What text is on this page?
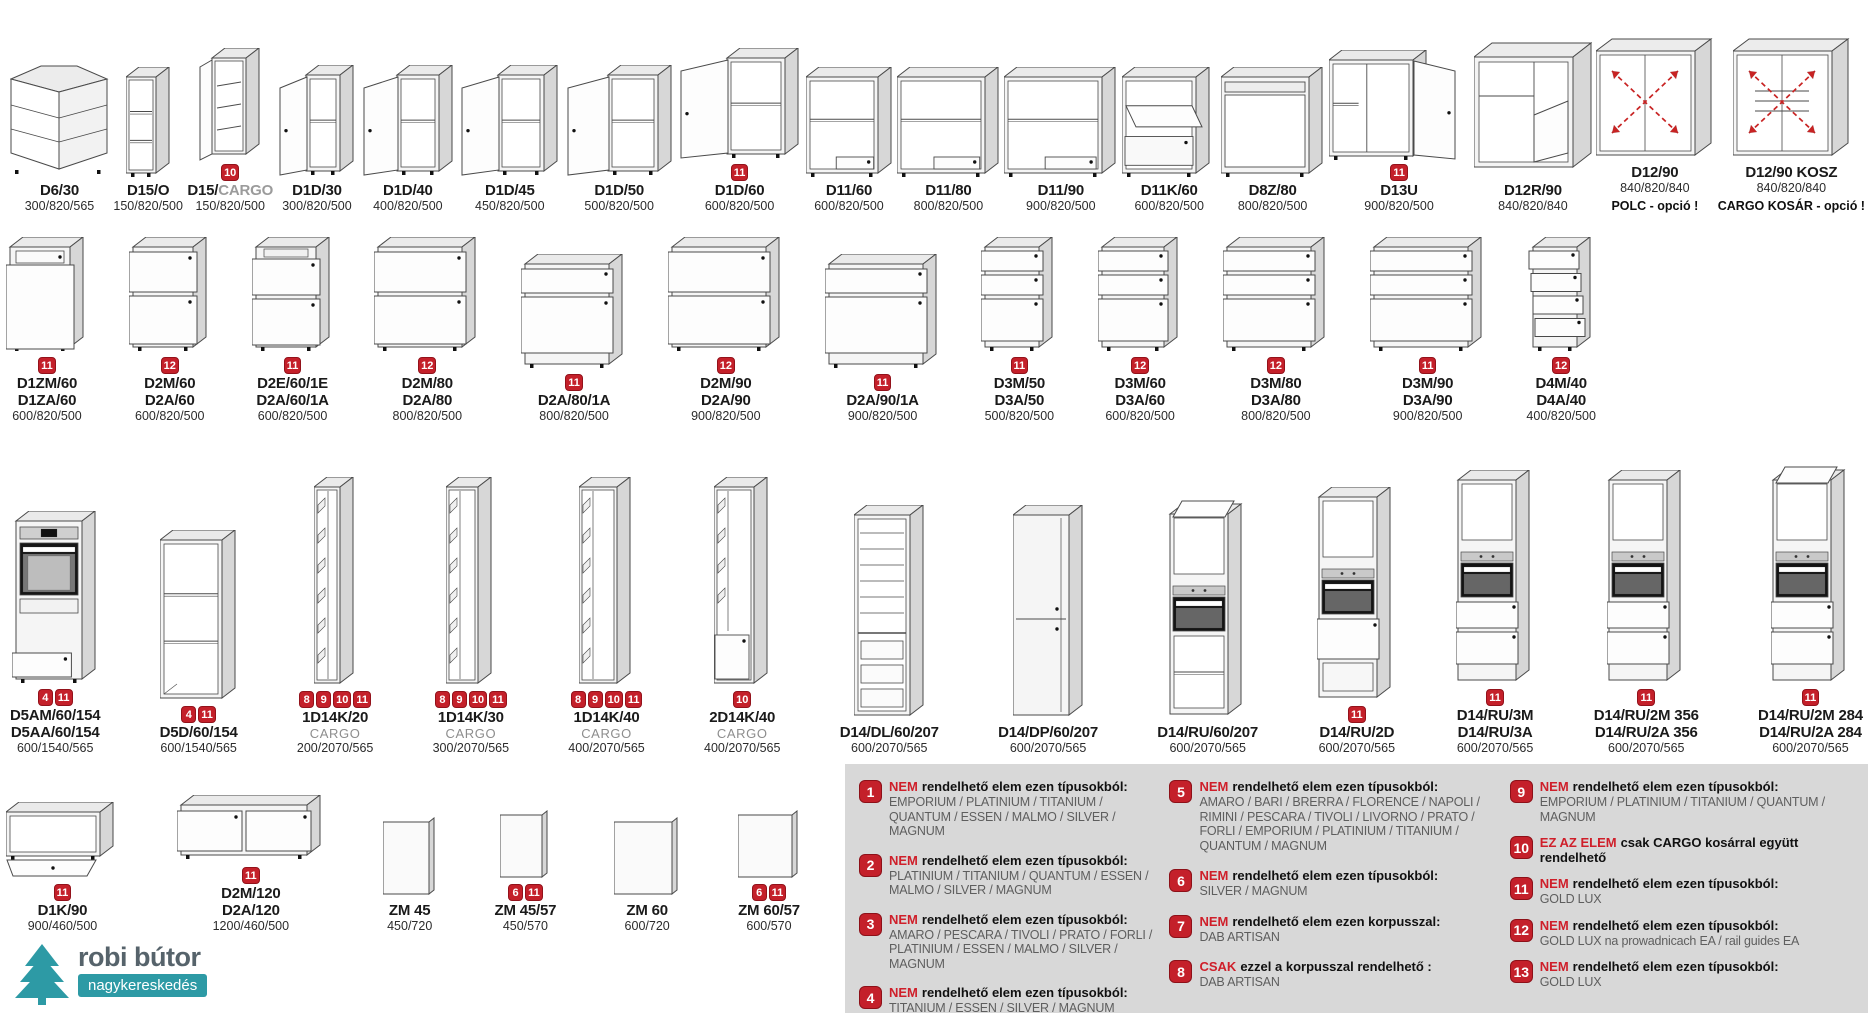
D6/30
300/820/565
D15/O
150/820/500
10
D15/CARGO
150/820/500
D1D/30
300/820/500
D1D/40
400/820/500
D1D/45
450/820/500
D1D/50
500/820/500
11
D1D/60
600/820/500
D11/60
600/820/500
D11/80
800/820/500
D11/90
900/820/500
D11K/60
600/820/500
D8Z/80
800/820/500
11
D13U
900/820/500
D12R/90
840/820/840
D12/90
840/820/840
POLC - opció !
D12/90 KOSZ
840/820/840
CARGO KOSÁR - opció !
11
D1ZM/60
D1ZA/60
600/820/500
12
D2M/60
D2A/60
600/820/500
11
D2E/60/1E
D2A/60/1A
600/820/500
12
D2M/80
D2A/80
800/820/500
11
D2A/80/1A
800/820/500
12
D2M/90
D2A/90
900/820/500
11
D2A/90/1A
900/820/500
11
D3M/50
D3A/50
500/820/500
12
D3M/60
D3A/60
600/820/500
12
D3M/80
D3A/80
800/820/500
11
D3M/90
D3A/90
900/820/500
12
D4M/40
D4A/40
400/820/500
4 11
D5AM/60/154
D5AA/60/154
600/1540/565
4 11
D5D/60/154
600/1540/565
8 9 10 11
1D14K/20
CARGO
200/2070/565
8 9 10 11
1D14K/30
CARGO
300/2070/565
8 9 10 11
1D14K/40
CARGO
400/2070/565
10
2D14K/40
CARGO
400/2070/565
D14/DL/60/207
600/2070/565
D14/DP/60/207
600/2070/565
D14/RU/60/207
600/2070/565
11
D14/RU/2D
600/2070/565
11
D14/RU/3M
D14/RU/3A
600/2070/565
11
D14/RU/2M 356
D14/RU/2A 356
600/2070/565
11
D14/RU/2M 284
D14/RU/2A 284
600/2070/565
11
D1K/90
900/460/500
11
D2M/120
D2A/120
1200/460/500
ZM 45
450/720
6 11
ZM 45/57
450/570
ZM 60
600/720
6 11
ZM 60/57
600/570
1	NEM rendelhető elem ezen típusokból:
EMPORIUM / PLATINIUM / TITANIUM / QUANTUM / ESSEN / MALMO / SILVER / MAGNUM
2	NEM rendelhető elem ezen típusokból:
PLATINIUM / TITANIUM / QUANTUM / ESSEN / MALMO / SILVER / MAGNUM
3	NEM rendelhető elem ezen típusokból:
AMARO / PESCARA / TIVOLI / PRATO / FORLI / PLATINIUM / ESSEN / MALMO / SILVER / MAGNUM
4	NEM rendelhető elem ezen típusokból:
TITANIUM / ESSEN / SILVER / MAGNUM
5	NEM rendelhető elem ezen típusokból:
AMARO / BARI / BRERRA / FLORENCE / NAPOLI / RIMINI / PESCARA / TIVOLI / LIVORNO / PRATO / FORLI / EMPORIUM / PLATINIUM / TITANIUM / QUANTUM / MAGNUM
6	NEM rendelhető elem ezen típusokból:
SILVER / MAGNUM
7	NEM rendelhető elem ezen korpusszal:
DAB ARTISAN
8	CSAK ezzel a korpusszal rendelhető :
DAB ARTISAN
9	NEM rendelhető elem ezen típusokból:
EMPORIUM / PLATINIUM / TITANIUM / QUANTUM / MAGNUM
10 EZ AZ ELEM csak CARGO kosárral együtt rendelhető
11 NEM rendelhető elem ezen típusokból:
GOLD LUX
12 NEM rendelhető elem ezen típusokból:
GOLD LUX na prowadnicach EA / rail guides EA
13 NEM rendelhető elem ezen típusokból:
GOLD LUX
robi bútor
nagykereskedés
